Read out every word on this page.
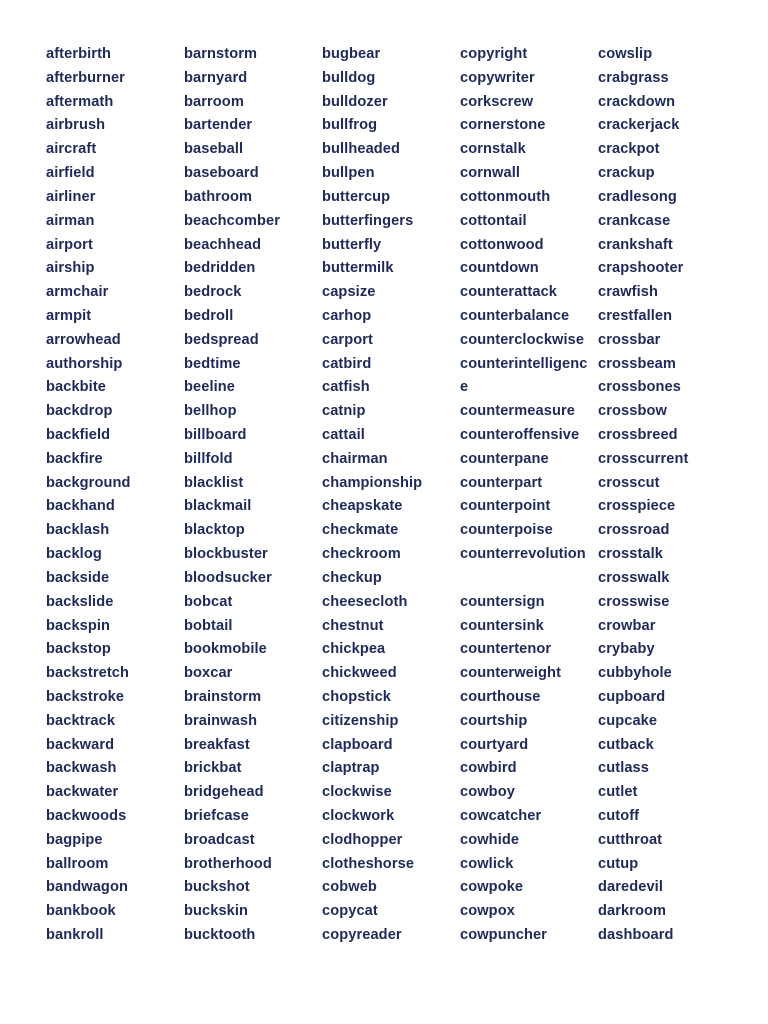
afterbirth
afterburner
aftermath
airbrush
aircraft
airfield
airliner
airman
airport
airship
armchair
armpit
arrowhead
authorship
backbite
backdrop
backfield
backfire
background
backhand
backlash
backlog
backside
backslide
backspin
backstop
backstretch
backstroke
backtrack
backward
backwash
backwater
backwoods
bagpipe
ballroom
bandwagon
bankbook
bankroll
barnstorm
barnyard
barroom
bartender
baseball
baseboard
bathroom
beachcomber
beachhead
bedridden
bedrock
bedroll
bedspread
bedtime
beeline
bellhop
billboard
billfold
blacklist
blackmail
blacktop
blockbuster
bloodsucker
bobcat
bobtail
bookmobile
boxcar
brainstorm
brainwash
breakfast
brickbat
bridgehead
briefcase
broadcast
brotherhood
buckshot
buckskin
bucktooth
bugbear
bulldog
bulldozer
bullfrog
bullheaded
bullpen
buttercup
butterfingers
butterfly
buttermilk
capsize
carhop
carport
catbird
catfish
catnip
cattail
chairman
championship
cheapskate
checkmate
checkroom
checkup
cheesecloth
chestnut
chickpea
chickweed
chopstick
citizenship
clapboard
claptrap
clockwise
clockwork
clodhopper
clotheshorse
cobweb
copycat
copyreader
copyright
copywriter
corkscrew
cornerstone
cornstalk
cornwall
cottonmouth
cottontail
cottonwood
countdown
counterattack
counterbalance
counterclockwise
counterintelligenc
e
countermeasure
counteroffensive
counterpane
counterpart
counterpoint
counterpoise
counterrevolution
countersign
countersink
countertenor
counterweight
courthouse
courtship
courtyard
cowbird
cowboy
cowcatcher
cowhide
cowlick
cowpoke
cowpox
cowpuncher
cowslip
crabgrass
crackdown
crackerjack
crackpot
crackup
cradlesong
crankcase
crankshaft
crapshooter
crawfish
crestfallen
crossbar
crossbeam
crossbones
crossbow
crossbreed
crosscurrent
crosscut
crosspiece
crossroad
crosstalk
crosswalk
crosswise
crowbar
crybaby
cubbyhole
cupboard
cupcake
cutback
cutlass
cutlet
cutoff
cutthroat
cutup
daredevil
darkroom
dashboard
